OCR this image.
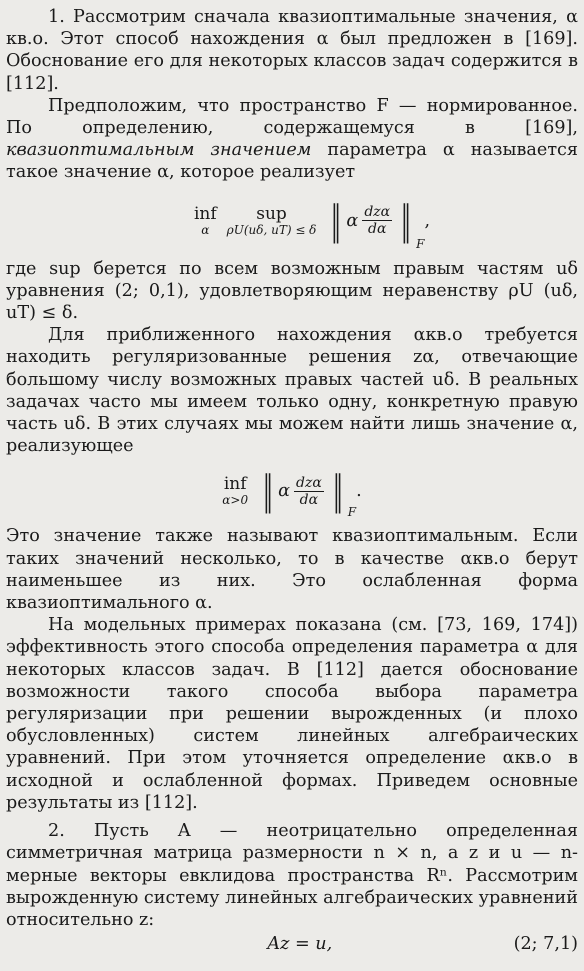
1. Рассмотрим сначала квазиоптимальные значения, α кв.о. Этот способ нахождения α был предложен в [169]. Обоснование его для некоторых классов задач содержится в [112].

Предположим, что пространство F — нормированное. По определению, содержащемуся в [169], квазиоптимальным значением параметра α называется такое значение α, которое реализует

inf
α
sup
ρU(uδ, uT) ≤ δ ‖ α $\frac{\text{dzα}}{d\alpha}$ ‖
F
,

где sup берется по всем возможным правым частям uδ уравнения (2; 0,1), удовлетворяющим неравенству ρU (uδ, uT) ≤ δ.

Для приближенного нахождения αкв.о требуется находить регуляризованные решения zα, отвечающие большому числу возможных правых частей uδ. В реальных задачах часто мы имеем только одну, конкретную правую часть uδ. В этих случаях мы можем найти лишь значение α, реализующее

inf
α>0 ‖ α $\frac{\text{dzα}}{d\alpha}$ ‖ F
.

Это значение также называют квазиоптимальным. Если таких значений несколько, то в качестве αкв.о берут наименьшее из них. Это ослабленная форма квазиоптимального α.

На модельных примерах показана (см. [73, 169, 174]) эффективность этого способа определения параметра α для некоторых классов задач. В [112] дается обоснование возможности такого способа выбора параметра регуляризации при решении вырожденных (и плохо обусловленных) систем линейных алгебраических уравнений. При этом уточняется определение αкв.о в исходной и ослабленной формах. Приведем основные результаты из [112].

2. Пусть A — неотрицательно определенная симметричная матрица размерности n × n, a z и u — n-мерные векторы евклидова пространства Rⁿ. Рассмотрим вырожденную систему линейных алгебраических уравнений относительно z:

Az = u,	(2; 7,1)
